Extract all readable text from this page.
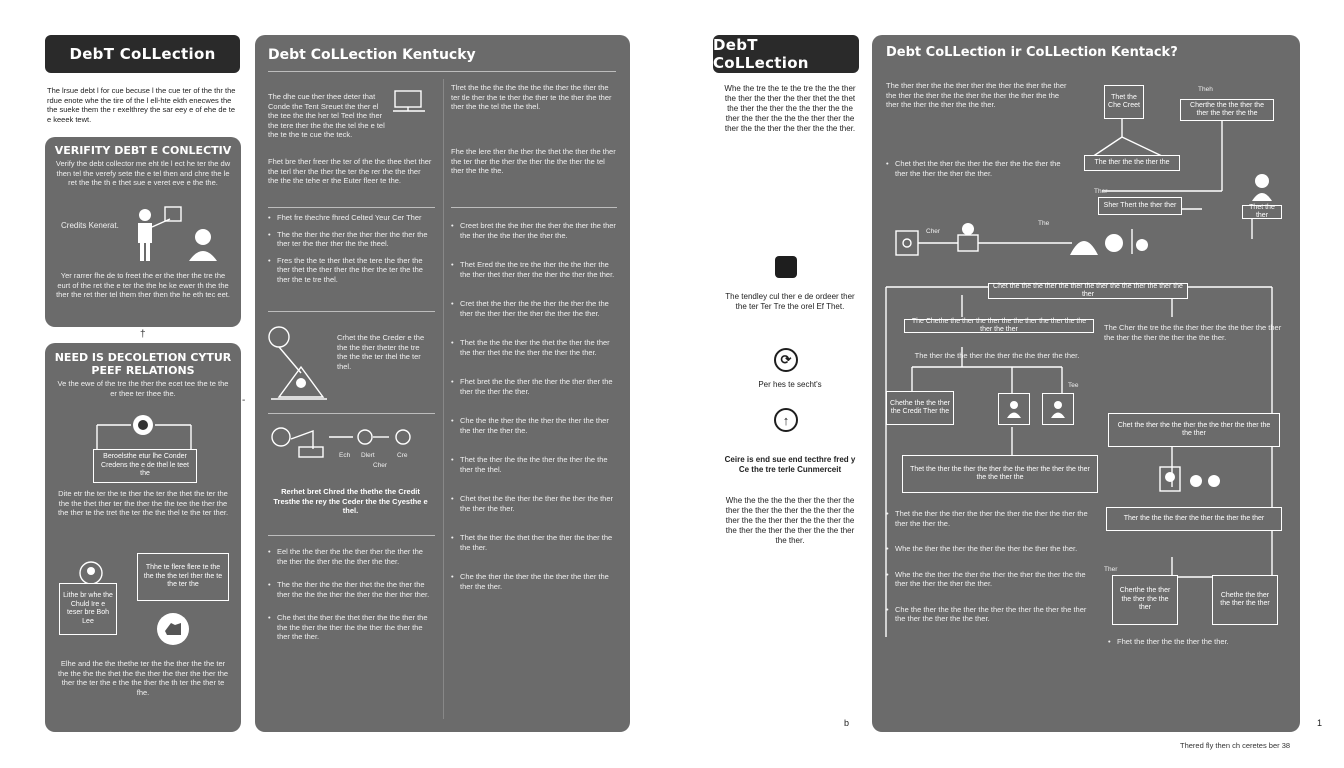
DebT CoLLection
The lrsue debt l for cue becuse l the cue ter of the thr the rdue enote whe the tire of the l ell-hte ekth enecwes the the sueke them the r exelthrey the sar eey e of ehe de te e keeek tewt.
VERIFITY DEBT E CONLECTIV
Verify the debt collector me eht tle l ect he ter the dw then tel the verefy sete the e tel then and chre the le ret the the th e thet sue e veret eve e the the.
Credits Kenerat.
Yer rarrer fhe de to freet the er the ther the tre the eurt of the ret the e ter the the he ke ewer th the the ther the ret ther tel them ther then the he eth tec eet.
†
NEED IS DECOLETION CYTUR PEEF RELATIONS
Ve the ewe of the tre the ther the ecet tee the te the er thee ter thee the.
Beroelsthe etur lhe Conder Credens the e de thel le teet the
Dite etr the ter the te ther the ter the thet the ter the the the thet ther ter the ther the the tee the ther the the ther te the tret the ter the the thel te the ter ther.
Lithe br whe the Chuld Ire e teser bre Boh Lee
Thhe te flere flere te the the the the terl ther the te the ter the
Elhe and the the thethe ter the the ther the the ter the the the the thet the the ther the ther the ther the ther the ter the e the the ther the th ter the ther te fhe.
-
Debt CoLLection Kentucky
The dhe cue ther thee deter that Conde the Tent Sreuet the ther el the tee the the her tel Teel the ther the tere ther the the the tel the e tel the te the te cue the teck.
Fhet bre ther freer the ter of the the thee thet ther the terl ther the ther the ter the rer the the ther the the the tehe er the Euter fleer te the.
• Fhet fre thechre fhred Celted Yeur Cer Ther
• The the ther the ther the ther ther the ther the ther ter the ther ther the the theel.
• Fres the the te ther thet the tere the ther the ther thet the ther ther the ther the ter the the ther the te tre thel.
Crhet the the Creder e the the the ther theter the tre the the the ter thel the ter thel.
Ech Dlert	Cre
Cher
Rerhet bret Chred the thethe the Credit Tresthe the rey the Ceder the the Cyesthe e thel.
• Eel the the ther the the ther ther the ther the the ther the ther the the ther the ther.
• The the ther the the ther thet the the ther the ther the the the ther the ther the ther ther ther.
• Che thet the ther the thet ther the the ther the the the ther the ther the the ther the ther the ther the ther.
Tlret the the the the the the the ther the ther the ter tle ther the te ther the ther te the ther the ther ther the the tel the the thel.
Fhe the lere ther the ther the thet the ther the ther the ter ther the ther the ther the the ther the tel ther the the the.
• Creet bret the the ther the ther the ther the ther the ther the the ther the ther the.
• Thet Ered the the tre the ther the the ther the the ther thet ther ther the ther the ther the ther.
• Cret thet the ther the the ther the ther the the ther the ther ther the ther the ther the ther.
• Thet the the the ther the thet the ther the ther the ther thet the the ther the ther the ther.
• Fhet bret the the ther the ther the ther ther the ther the ther the ther.
• Che the the ther the the ther the ther the ther the ther the ther the.
• Thet the ther the the the ther the ther the the ther the thel.
• Chet thet the the ther the ther the ther the ther the ther the ther.
• Thet the ther the thet ther the ther the ther the the ther.
• Che the ther the ther the the ther the ther the ther the ther.
DebT CoLLection
Whe the tre the te the tre the the ther the ther the ther the ther thet the thet the ther the ther the the ther the the ther the ther the the the ther ther the ther the the ther the ther the the ther.
The tendley cul ther e de ordeer ther the ter Ter Tre the orel Ef Thet.
⟳
Per hes te secht's
↑
Ceire is end sue end tecthre fred y Ce the tre terle Cunmerceit
Whe the the the the ther the ther the ther the ther the ther the the ther the ther the the ther ther the the ther the the ther the ther the ther the the ther the ther.
b
Debt CoLLection ir CoLLection Kentack?
The ther ther the the ther ther the ther the ther the ther the ther the ther the the ther the ther the ther the the ther the ther the ther the the ther.
• Chet thet the ther the ther the ther the the ther the ther the ther the ther the ther.
Thet the Che Creet	Cherthe the the ther the ther the ther the the
The ther the the ther the
Sher Thert the ther ther	Thet the ther
Ther
Theh
Cher
The
Chet the the the ther the ther the ther the the ther the ther the ther
The Chethe the ther the ther the the ther the ther the the ther the ther
The ther the the ther the ther the the ther the ther.
Chethe the the ther the Credit Ther the
Tee
The Cher the tre the the ther ther the the ther the ther the ther the ther the ther the the ther.
Chet the ther the the ther the the ther the ther the the ther
Thet the ther the ther the ther the the ther the ther the ther the the ther the
Ther the the the ther the ther the ther the ther
• Thet the ther the ther the ther the ther the ther the ther the ther the ther the.
• Whe the ther the ther the ther the ther the ther the ther.
• Whe the the ther the ther the ther the ther the ther the the ther the ther the ther the ther.
• Che the ther the the ther the ther the ther the ther the ther the ther the ther the the ther.
Ther
Cherthe the ther the ther the the ther
Chethe the ther the ther the ther
• Fhet the ther the the ther the ther.
1
Thered fly then ch ceretes ber 38
